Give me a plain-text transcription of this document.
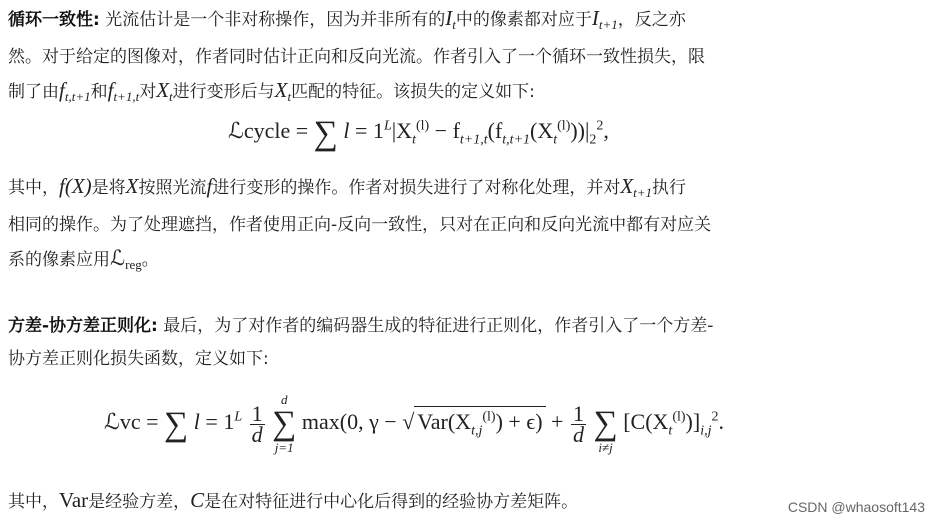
循环一致性: 光流估计是一个非对称操作，因为并非所有的$I_t$中的像素都对应于$I_{t+1}$，反之亦
然。对于给定的图像对，作者同时估计正向和反向光流。作者引入了一个循环一致性损失，限
制了由$f_{t,t+1}$和$f_{t+1,t}$对$X_t$进行变形后与$X_t$匹配的特征。该损失的定义如下:
ℒcycle = ∑ $l = 1^L|X_t^{(l)} - f_{t+1,t}(f_{t,t+1}(X_t^{(l)}))|_2^2$,
其中，f(X)是将X按照光流f进行变形的操作。作者对损失进行了对称化处理，并对$X_{t+1}$执行
相同的操作。为了处理遮挡，作者使用正向-反向一致性，只对在正向和反向光流中都有对应关
系的像素应用ℒ$_{reg}$。
方差-协方差正则化: 最后，为了对作者的编码器生成的特征进行正则化，作者引入了一个方差-
协方差正则化损失函数，定义如下:
ℒvc = ∑ $l = 1^L \frac{1}{d}$

d
∑
j=1
max(0, γ − √ $Var(X_{t,j}^{(l)}) + \epsilon) + \frac{1}{d}$

∑
i≠j
$[C(X_t^{(l)})]_{i,j}^2$.
其中，Var是经验方差，C是在对特征进行中心化后得到的经验协方差矩阵。	CSDN @whaosoft143
